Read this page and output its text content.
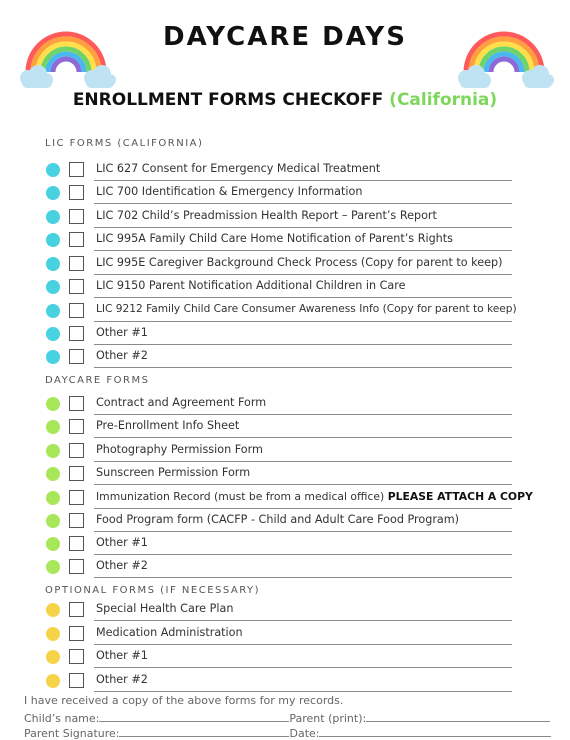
DAYCARE DAYS
ENROLLMENT FORMS CHECKOFF (California)
LIC FORMS (CALIFORNIA)
LIC 627 Consent for Emergency Medical Treatment
LIC 700 Identification & Emergency Information
LIC 702 Child’s Preadmission Health Report – Parent’s Report
LIC 995A Family Child Care Home Notification of Parent’s Rights
LIC 995E Caregiver Background Check Process (Copy for parent to keep)
LIC 9150 Parent Notification Additional Children in Care
LIC 9212 Family Child Care Consumer Awareness Info (Copy for parent to keep)
Other #1
Other #2
DAYCARE FORMS
Contract and Agreement Form
Pre-Enrollment Info Sheet
Photography Permission Form
Sunscreen Permission Form
Immunization Record (must be from a medical office) PLEASE ATTACH A COPY
Food Program form (CACFP - Child and Adult Care Food Program)
Other #1
Other #2
OPTIONAL FORMS (IF NECESSARY)
Special Health Care Plan
Medication Administration
Other #1
Other #2
I have received a copy of the above forms for my records.
Child’s name:	Parent (print):
Parent Signature:	Date:
